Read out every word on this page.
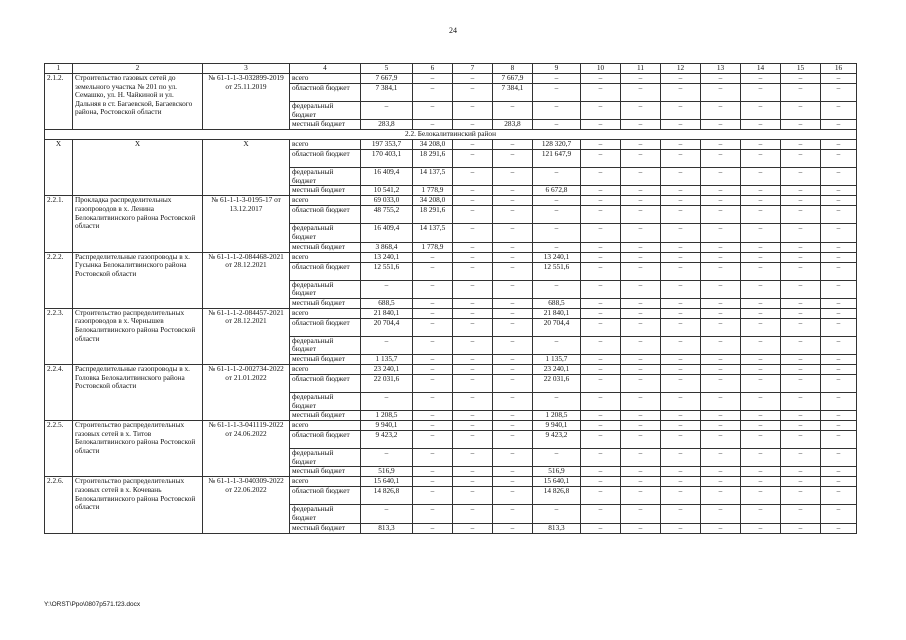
24
1	2	3	4	5	6	7	8	9	10	11	12	13	14	15	16
2.1.2.	Строительство газовых сетей до земельного участка № 201 по ул. Семашко, ул. Н. Чайкиной и ул. Дальняя в ст. Багаевской, Багаевского района, Ростовской области	№ 61-1-1-3-032899-2019 от 25.11.2019	всего	7 667,9	–	–	7 667,9	–	–	–	–	–	–	–	–
			областной бюджет	7 384,1	–	–	7 384,1	–	–	–	–	–	–	–	–
			федеральный бюджет	–	–	–	–	–	–	–	–	–	–	–	–
			местный бюджет	283,8	–	–	283,8	–	–	–	–	–	–	–	–
2.2. Белокалитвинский район															
X	X	X	всего	197 353,7	34 208,0	–	–	128 320,7	–	–	–	–	–	–	–
			областной бюджет	170 403,1	18 291,6	–	–	121 647,9	–	–	–	–	–	–	–
			федеральный бюджет	16 409,4	14 137,5	–	–	–	–	–	–	–	–	–	–
			местный бюджет	10 541,2	1 778,9	–	–	6 672,8	–	–	–	–	–	–	–
2.2.1.	Прокладка распределительных газопроводов в х. Ленина Белокалитвинского района Ростовской области	№ 61-1-1-3-0195-17 от 13.12.2017	всего	69 033,0	34 208,0	–	–	–	–	–	–	–	–	–	–
			областной бюджет	48 755,2	18 291,6	–	–	–	–	–	–	–	–	–	–
			федеральный бюджет	16 409,4	14 137,5	–	–	–	–	–	–	–	–	–	–
			местный бюджет	3 868,4	1 778,9	–	–	–	–	–	–	–	–	–	–
2.2.2.	Распределительные газопроводы в х. Гусынка Белокалитвинского района Ростовской области	№ 61-1-1-2-084468-2021 от 28.12.2021	всего	13 240,1	–	–	–	13 240,1	–	–	–	–	–	–	–
			областной бюджет	12 551,6	–	–	–	12 551,6	–	–	–	–	–	–	–
			федеральный бюджет	–	–	–	–	–	–	–	–	–	–	–	–
			местный бюджет	688,5	–	–	–	688,5	–	–	–	–	–	–	–
2.2.3.	Строительство распределительных газопроводов в х. Чернышев Белокалитвинского района Ростовской области	№ 61-1-1-2-084457-2021 от 28.12.2021	всего	21 840,1	–	–	–	21 840,1	–	–	–	–	–	–	–
			областной бюджет	20 704,4	–	–	–	20 704,4	–	–	–	–	–	–	–
			федеральный бюджет	–	–	–	–	–	–	–	–	–	–	–	–
			местный бюджет	1 135,7	–	–	–	1 135,7	–	–	–	–	–	–	–
2.2.4.	Распределительные газопроводы в х. Головка Белокалитвинского района Ростовской области	№ 61-1-1-2-002734-2022 от 21.01.2022	всего	23 240,1	–	–	–	23 240,1	–	–	–	–	–	–	–
			областной бюджет	22 031,6	–	–	–	22 031,6	–	–	–	–	–	–	–
			федеральный бюджет	–	–	–	–	–	–	–	–	–	–	–	–
			местный бюджет	1 208,5	–	–	–	1 208,5	–	–	–	–	–	–	–
2.2.5.	Строительство распределительных газовых сетей в х. Титов Белокалитвинского района Ростовской области	№ 61-1-1-3-041119-2022 от 24.06.2022	всего	9 940,1	–	–	–	9 940,1	–	–	–	–	–	–	–
			областной бюджет	9 423,2	–	–	–	9 423,2	–	–	–	–	–	–	–
			федеральный бюджет	–	–	–	–	–	–	–	–	–	–	–	–
			местный бюджет	516,9	–	–	–	516,9	–	–	–	–	–	–	–
2.2.6.	Строительство распределительных газовых сетей в х. Кочевань Белокалитвинского района Ростовской области	№ 61-1-1-3-040309-2022 от 22.06.2022	всего	15 640,1	–	–	–	15 640,1	–	–	–	–	–	–	–
			областной бюджет	14 826,8	–	–	–	14 826,8	–	–	–	–	–	–	–
			федеральный бюджет	–	–	–	–	–	–	–	–	–	–	–	–
			местный бюджет	813,3	–	–	–	813,3	–	–	–	–	–	–	–
Y:\ORST\Ppo\0807p571.f23.docx
